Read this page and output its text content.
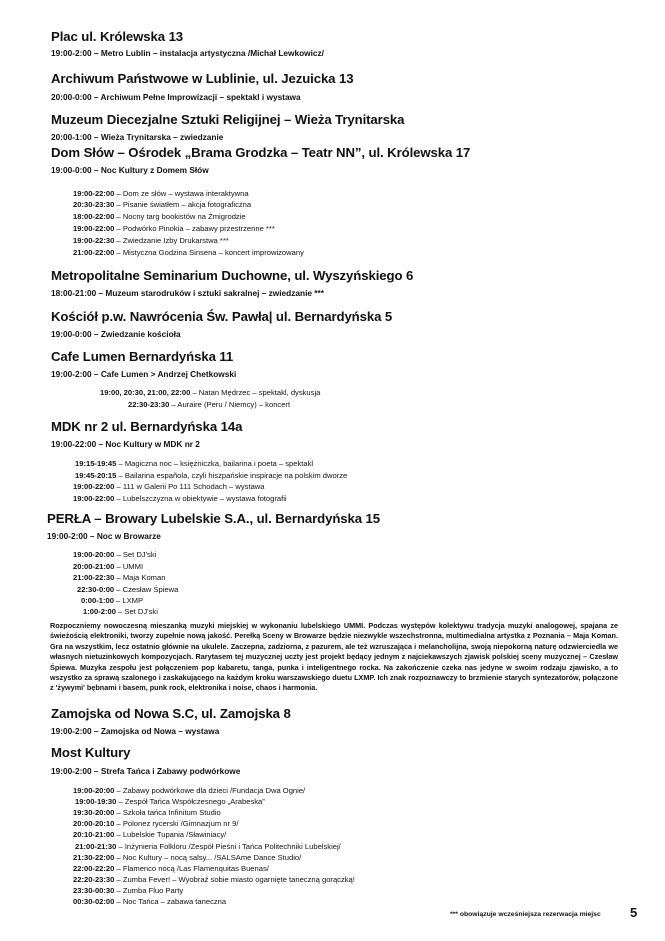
Plac ul. Królewska 13
19:00-2:00 – Metro Lublin – instalacja artystyczna /Michał Lewkowicz/
Archiwum Państwowe w Lublinie, ul. Jezuicka 13
20:00-0:00 – Archiwum Pełne Improwizacji – spektakl i wystawa
Muzeum Diecezjalne Sztuki Religijnej – Wieża Trynitarska
20:00-1:00 – Wieża Trynitarska – zwiedzanie
Dom Słów – Ośrodek „Brama Grodzka – Teatr NN”, ul. Królewska 17
19:00-0:00 – Noc Kultury z Domem Słów
19:00-22:00 – Dom ze słów – wystawa interaktywna
20:30-23:30 – Pisanie światłem – akcja fotograficzna
18:00-22:00 – Nocny targ bookistów na Żmigrodzie
19:00-22:00 – Podwórko Pinokia – zabawy przestrzenne ***
19:00-22:30 – Zwiedzanie Izby Drukarstwa ***
21:00-22:00 – Mistyczna Godzina Sinsena – koncert improwizowany
Metropolitalne Seminarium Duchowne, ul. Wyszyńskiego 6
18:00-21:00 – Muzeum starodruków i sztuki sakralnej – zwiedzanie ***
Kościół p.w. Nawrócenia Św. Pawła| ul. Bernardyńska 5
19:00-0:00 – Zwiedzanie kościoła
Cafe Lumen Bernardyńska 11
19:00-2:00 – Cafe Lumen > Andrzej Chetkowski
19:00, 20:30, 21:00, 22:00 – Natan Mędrzec – spektakl, dyskusja
22:30-23:30 – Auraire (Peru / Niemcy) – koncert
MDK nr 2 ul. Bernardyńska 14a
19:00-22:00 – Noc Kultury w MDK nr 2
19:15-19:45 – Magiczna noc – księżniczka, bailarina i poeta – spektakl
19:45-20:15 – Bailarina española, czyli hiszpańskie inspiracje na polskim dworze
19:00-22:00 – 111 w Galerii Po 111 Schodach – wystawa
19:00-22:00 – Lubelszczyzna w obiektywie – wystawa fotografii
PERŁA – Browary Lubelskie S.A., ul. Bernardyńska 15
19:00-2:00 – Noc w Browarze
19:00-20:00 – Set DJ'ski
20:00-21:00 – UMMI
21:00-22:30 – Maja Koman
22:30-0:00 – Czesław Śpiewa
0:00-1:00 – LXMP
1:00-2:00 – Set DJ'ski
Rozpoczniemy nowoczesną mieszanką muzyki miejskiej w wykonaniu lubelskiego UMMI. Podczas występów kolektywu tradycja muzyki analogowej, spajana ze świeżością elektroniki, tworzy zupełnie nową jakość. Perełką Sceny w Browarze będzie niezwykle wszechstronna, multimedialna artystka z Poznania – Maja Koman. Gra na wszystkim, lecz ostatnio głównie na ukulele. Zaczepna, zadziorna, z pazurem, ale też wzruszająca i melancholijna, swoją niepokorną naturę odzwierciedla we własnych nietuzinkowych kompozycjach. Rarytasem tej muzycznej uczty jest projekt będący jednym z najciekawszych zjawisk polskiej sceny muzycznej – Czesław Śpiewa. Muzyka zespołu jest połączeniem pop kabaretu, tanga, punka i inteligentnego rocka. Na zakończenie czeka nas jedyne w swoim rodzaju zjawisko, a to wszystko za sprawą szalonego i zaskakującego na każdym kroku warszawskiego duetu LXMP. Ich znak rozpoznawczy to brzmienie starych syntezatorów, połączone z 'żywymi' bębnami i basem, punk rock, elektronika i noise, chaos i harmonia.
Zamojska od Nowa S.C, ul. Zamojska 8
19:00-2:00 – Zamojska od Nowa – wystawa
Most Kultury
19:00-2:00 – Strefa Tańca i Zabawy podwórkowe
19:00-20:00 – Zabawy podwórkowe dla dzieci /Fundacja Dwa Ognie/
19:00-19:30 – Zespół Tańca Współczesnego „Arabeska”
19:30-20:00 – Szkoła tańca Infinitum Studio
20:00-20:10 – Polonez rycerski /Gimnazjum nr 9/
20:10-21:00 – Lubelskie Tupania /Sławiniacy/
21:00-21:30 – Inżynieria Folkloru /Zespół Pieśni i Tańca Politechniki Lubelskiej/
21:30-22:00 – Noc Kultury – nocą salsy... /SALSAme Dance Studio/
22:00-22:20 – Flamenco nocą /Las Flamenquitas Buenas/
22:20-23:30 – Zumba Fever! – Wyobraź sobie miasto ogarnięte taneczną gorączką!
23:30-00:30 – Zumba Fluo Party
00:30-02:00 – Noc Tańca – zabawa taneczna
*** obowiązuje wcześniejsza rezerwacja miejsc 5
